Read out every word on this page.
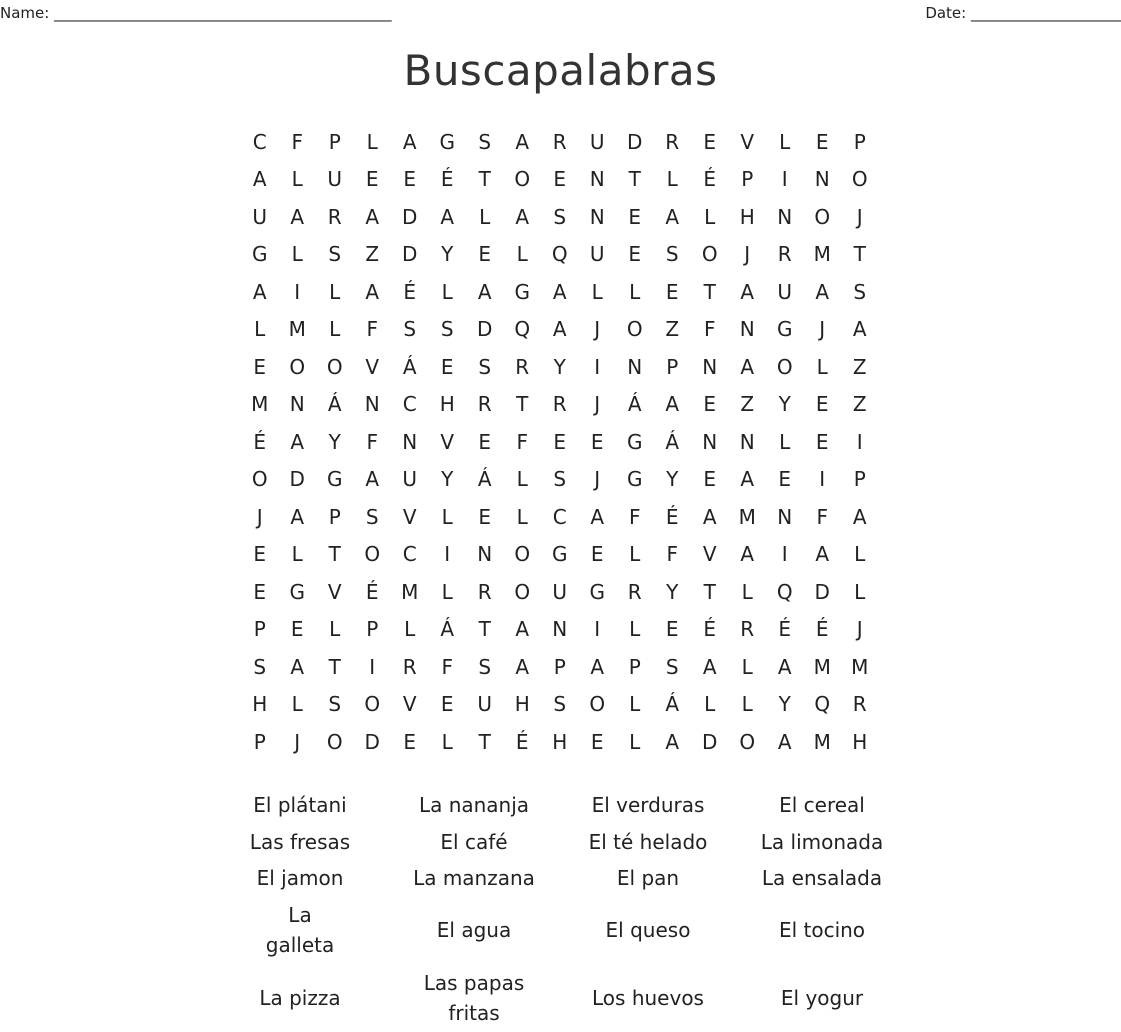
Name: _____________________________________________	Date: ____________________
Buscapalabras
C	F	P	L	A	G	S	A	R	U	D	R	E	V	L	E	P
A	L	U	E	E	É	T	O	E	N	T	L	É	P	I	N	O
U	A	R	A	D	A	L	A	S	N	E	A	L	H	N	O	J
G	L	S	Z	D	Y	E	L	Q	U	E	S	O	J	R	M	T
A	I	L	A	É	L	A	G	A	L	L	E	T	A	U	A	S
L	M	L	F	S	S	D	Q	A	J	O	Z	F	N	G	J	A
E	O	O	V	Á	E	S	R	Y	I	N	P	N	A	O	L	Z
M	N	Á	N	C	H	R	T	R	J	Á	A	E	Z	Y	E	Z
É	A	Y	F	N	V	E	F	E	E	G	Á	N	N	L	E	I
O	D	G	A	U	Y	Á	L	S	J	G	Y	E	A	E	I	P
J	A	P	S	V	L	E	L	C	A	F	É	A	M	N	F	A
E	L	T	O	C	I	N	O	G	E	L	F	V	A	I	A	L
E	G	V	É	M	L	R	O	U	G	R	Y	T	L	Q	D	L
P	E	L	P	L	Á	T	A	N	I	L	E	É	R	É	É	J
S	A	T	I	R	F	S	A	P	A	P	S	A	L	A	M	M
H	L	S	O	V	E	U	H	S	O	L	Á	L	L	Y	Q	R
P	J	O	D	E	L	T	É	H	E	L	A	D	O	A	M	H
El plátani	La nananja	El verduras	El cereal
Las fresas	El café	El té helado	La limonada
El jamon	La manzana	El pan	La ensalada
La galleta	El agua	El queso	El tocino
La pizza	Las papas fritas	Los huevos	El yogur
